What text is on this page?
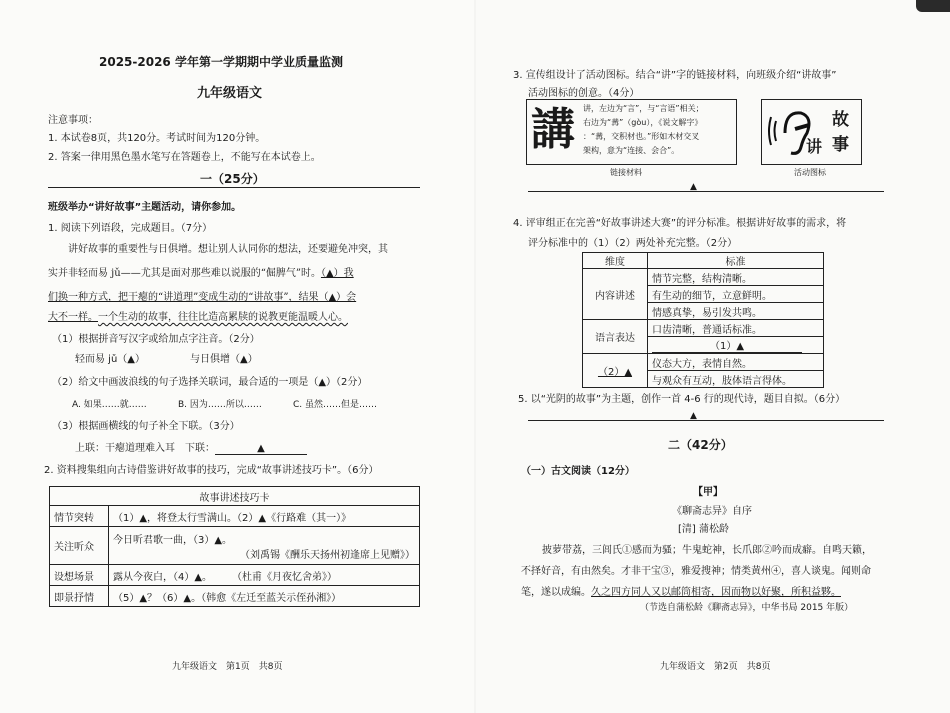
2025-2026 学年第一学期期中学业质量监测
九年级语文
注意事项：
1. 本试卷8页，共120分。考试时间为120分钟。
2. 答案一律用黑色墨水笔写在答题卷上，不能写在本试卷上。
一（25分）
班级举办“讲好故事”主题活动，请你参加。
1. 阅读下列语段，完成题目。（7分）
讲好故事的重要性与日俱增。想让别人认同你的想法，还要避免冲突，其
实并非轻而易 jǔ——尤其是面对那些难以说服的“倔脾气”时。（▲）我
们换一种方式，把干瘪的“讲道理”变成生动的“讲故事”，结果（▲）会
大不一样。一个生动的故事，往往比造高累牍的说教更能温暖人心。
（1）根据拼音写汉字或给加点字注音。（2分）
轻而易 jǔ（▲）	与日俱增（▲）
（2）给文中画波浪线的句子选择关联词，最合适的一项是（▲）（2分）
A. 如果……就……	B. 因为……所以……	C. 虽然……但是……
（3）根据画横线的句子补全下联。（3分）
上联：干瘪道理难入耳　下联：	▲
2. 资料搜集组向古诗借鉴讲好故事的技巧，完成“故事讲述技巧卡”。（6分）
故事讲述技巧卡	
情节突转	（1）▲，将登太行雪满山。（2）▲《行路难（其一）》
关注听众	今日听君歌一曲，（3）▲。
（刘禹锡《酬乐天扬州初逢席上见赠》）

设想场景	露从今夜白，（4）▲。　　　（杜甫《月夜忆舍弟》）
即景抒情	（5）▲？（6）▲。（韩愈《左迁至蓝关示侄孙湘》）
九年级语文　第1页　共8页
3. 宣传组设计了活动图标。结合“讲”字的链接材料，向班级介绍“讲故事”
活动图标的创意。（4分）
講 讲，左边为“言”，与“言语”相关；
右边为“冓”（gòu），《说文解字》
：“冓，交积材也。”形如木材交叉
架构，意为“连接、会合”。
链接材料
故
事
讲
活动图标
▲
4. 评审组正在完善“好故事讲述大赛”的评分标准。根据讲好故事的需求，将
评分标准中的（1）（2）两处补充完整。（2分）
维度	标准
内容讲述	情节完整，结构清晰。
	有生动的细节，立意鲜明。
	情感真挚，易引发共鸣。
语言表达	口齿清晰，普通话标准。
	（1）▲
（2）▲	仪态大方，表情自然。
	与观众有互动，肢体语言得体。
5. 以“光阴的故事”为主题，创作一首 4-6 行的现代诗，题目自拟。（6分）
▲
二（42分）
（一）古文阅读（12分）
【甲】
《聊斋志异》自序
[清] 蒲松龄
披萝带荔，三闾氏①感而为骚；牛鬼蛇神，长爪郎②吟而成癖。自鸣天籁，
不择好音，有由然矣。才非干宝③，雅爱搜神；情类黄州④，喜人谈鬼。闻则命
笔，遂以成编。久之四方同人又以邮筒相寄，因而物以好聚，所积益夥。
（节选自蒲松龄《聊斋志异》，中华书局 2015 年版）
九年级语文　第2页　共8页
